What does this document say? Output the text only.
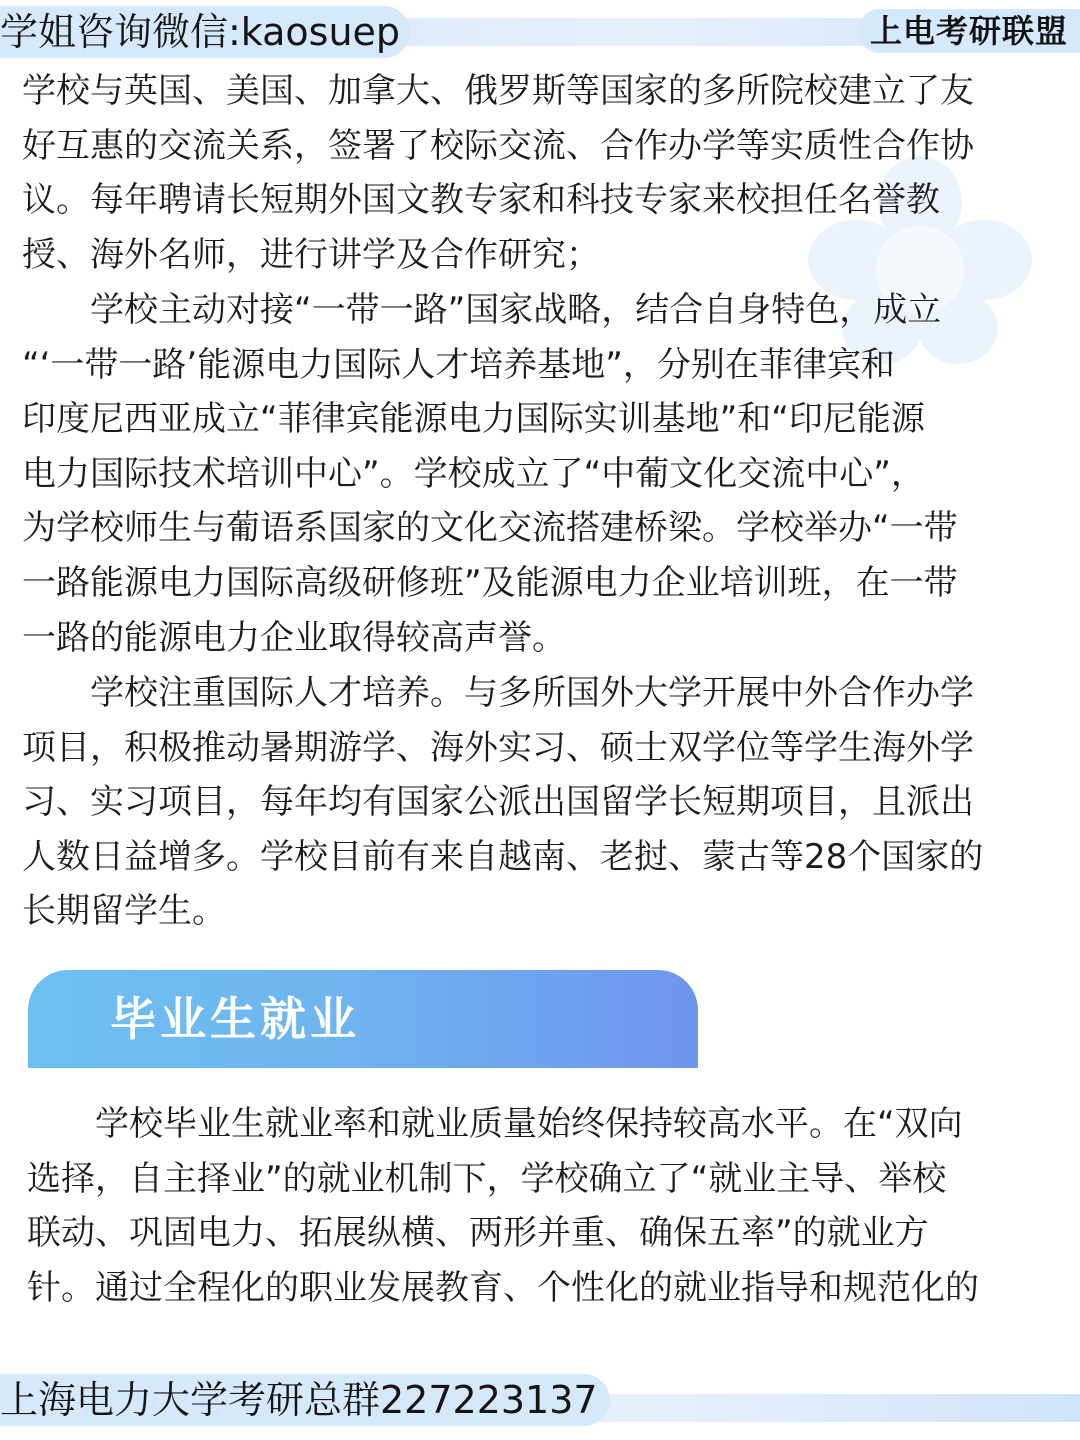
学姐咨询微信:kaosuep	上电考研联盟
学校与英国、美国、加拿大、俄罗斯等国家的多所院校建立了友
好互惠的交流关系，签署了校际交流、合作办学等实质性合作协
议。每年聘请长短期外国文教专家和科技专家来校担任名誉教
授、海外名师，进行讲学及合作研究；
　　学校主动对接“一带一路”国家战略，结合自身特色，成立
“‘一带一路’能源电力国际人才培养基地”，分别在菲律宾和
印度尼西亚成立“菲律宾能源电力国际实训基地”和“印尼能源
电力国际技术培训中心”。学校成立了“中葡文化交流中心”，
为学校师生与葡语系国家的文化交流搭建桥梁。学校举办“一带
一路能源电力国际高级研修班”及能源电力企业培训班，在一带
一路的能源电力企业取得较高声誉。
　　学校注重国际人才培养。与多所国外大学开展中外合作办学
项目，积极推动暑期游学、海外实习、硕士双学位等学生海外学
习、实习项目，每年均有国家公派出国留学长短期项目，且派出
人数日益增多。学校目前有来自越南、老挝、蒙古等28个国家的
长期留学生。
毕业生就业
　　学校毕业生就业率和就业质量始终保持较高水平。在“双向
选择，自主择业”的就业机制下，学校确立了“就业主导、举校
联动、巩固电力、拓展纵横、两形并重、确保五率”的就业方
针。通过全程化的职业发展教育、个性化的就业指导和规范化的
上海电力大学考研总群227223137
